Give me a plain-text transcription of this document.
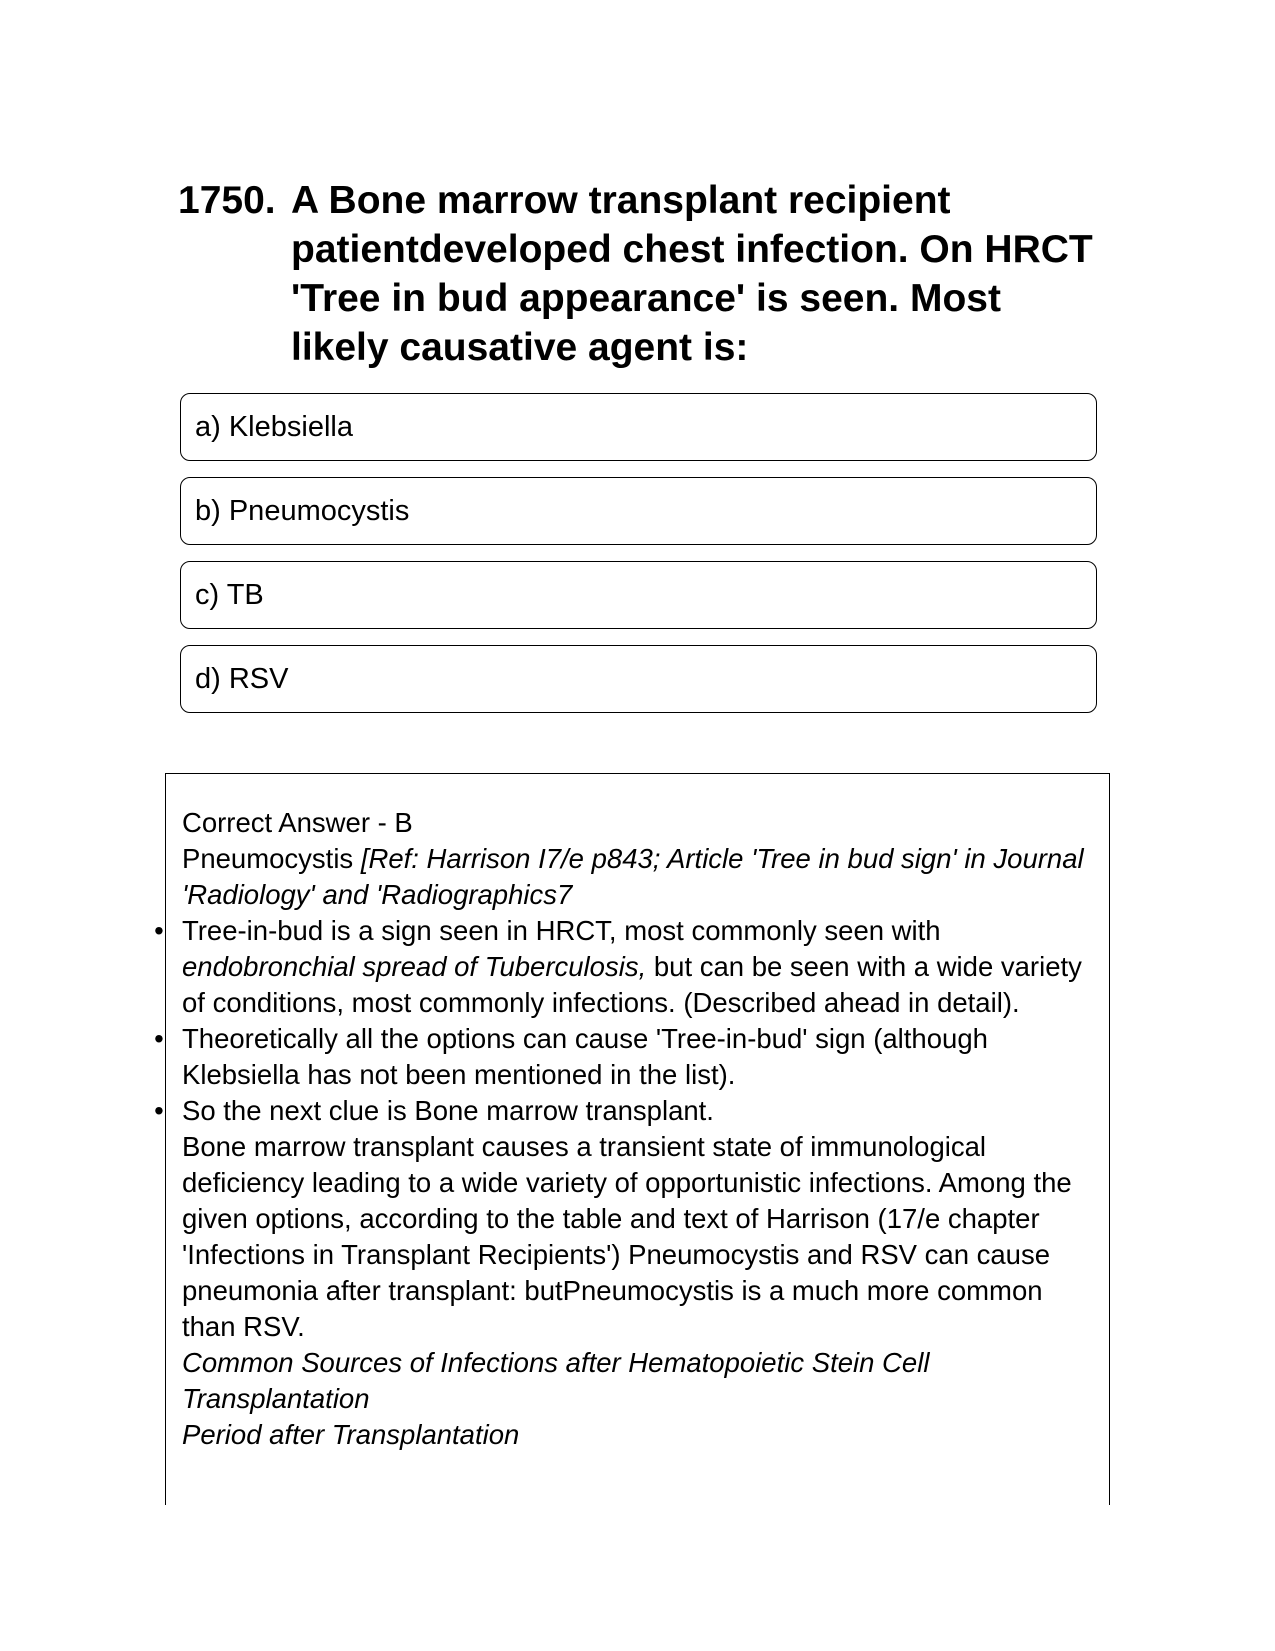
1750. A Bone marrow transplant recipient patientdeveloped chest infection. On HRCT 'Tree in bud appearance' is seen. Most likely causative agent is:
a) Klebsiella
b) Pneumocystis
c) TB
d) RSV

Correct Answer - B

Pneumocystis [Ref: Harrison I7/e p843; Article 'Tree in bud sign' in Journal 'Radiology' and 'Radiographics7

• Tree-in-bud is a sign seen in HRCT, most commonly seen with endobronchial spread of Tuberculosis, but can be seen with a wide variety of conditions, most commonly infections. (Described ahead in detail).
• Theoretically all the options can cause 'Tree-in-bud' sign (although Klebsiella has not been mentioned in the list).
• So the next clue is Bone marrow transplant.

Bone marrow transplant causes a transient state of immunological deficiency leading to a wide variety of opportunistic infections. Among the given options, according to the table and text of Harrison (17/e chapter 'Infections in Transplant Recipients') Pneumocystis and RSV can cause pneumonia after transplant: butPneumocystis is a much more common than RSV.

Common Sources of Infections after Hematopoietic Stein Cell Transplantation

Period after Transplantation
